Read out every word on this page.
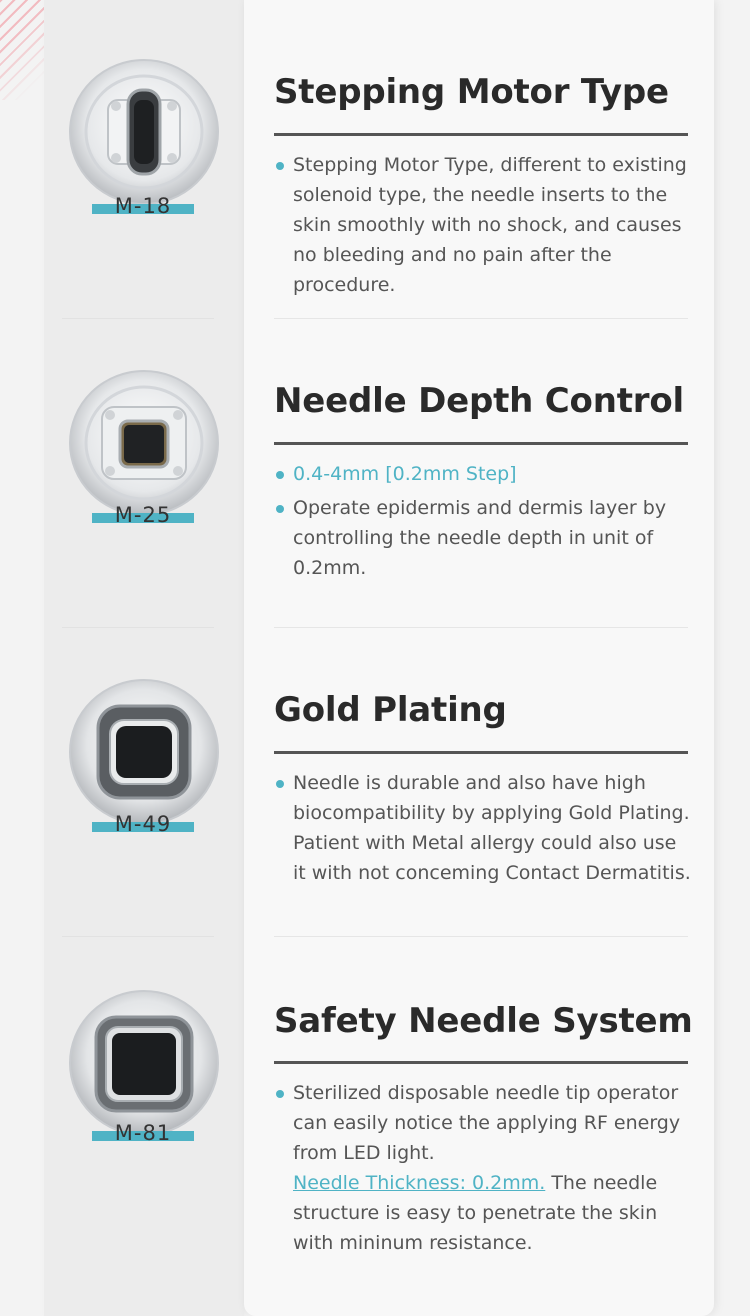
M-18
Stepping Motor Type
Stepping Motor Type, different to existing solenoid type, the needle inserts to the skin smoothly with no shock, and causes no bleeding and no pain after the procedure.
M-25
Needle Depth Control
0.4-4mm [0.2mm Step]
Operate epidermis and dermis layer by controlling the needle depth in unit of 0.2mm.
M-49
Gold Plating
Needle is durable and also have high biocompatibility by applying Gold Plating. Patient with Metal allergy could also use it with not conceming Contact Dermatitis.
M-81
Safety Needle System
Sterilized disposable needle tip operator can easily notice the applying RF energy from LED light.
Needle Thickness: 0.2mm. The needle structure is easy to penetrate the skin with mininum resistance.
